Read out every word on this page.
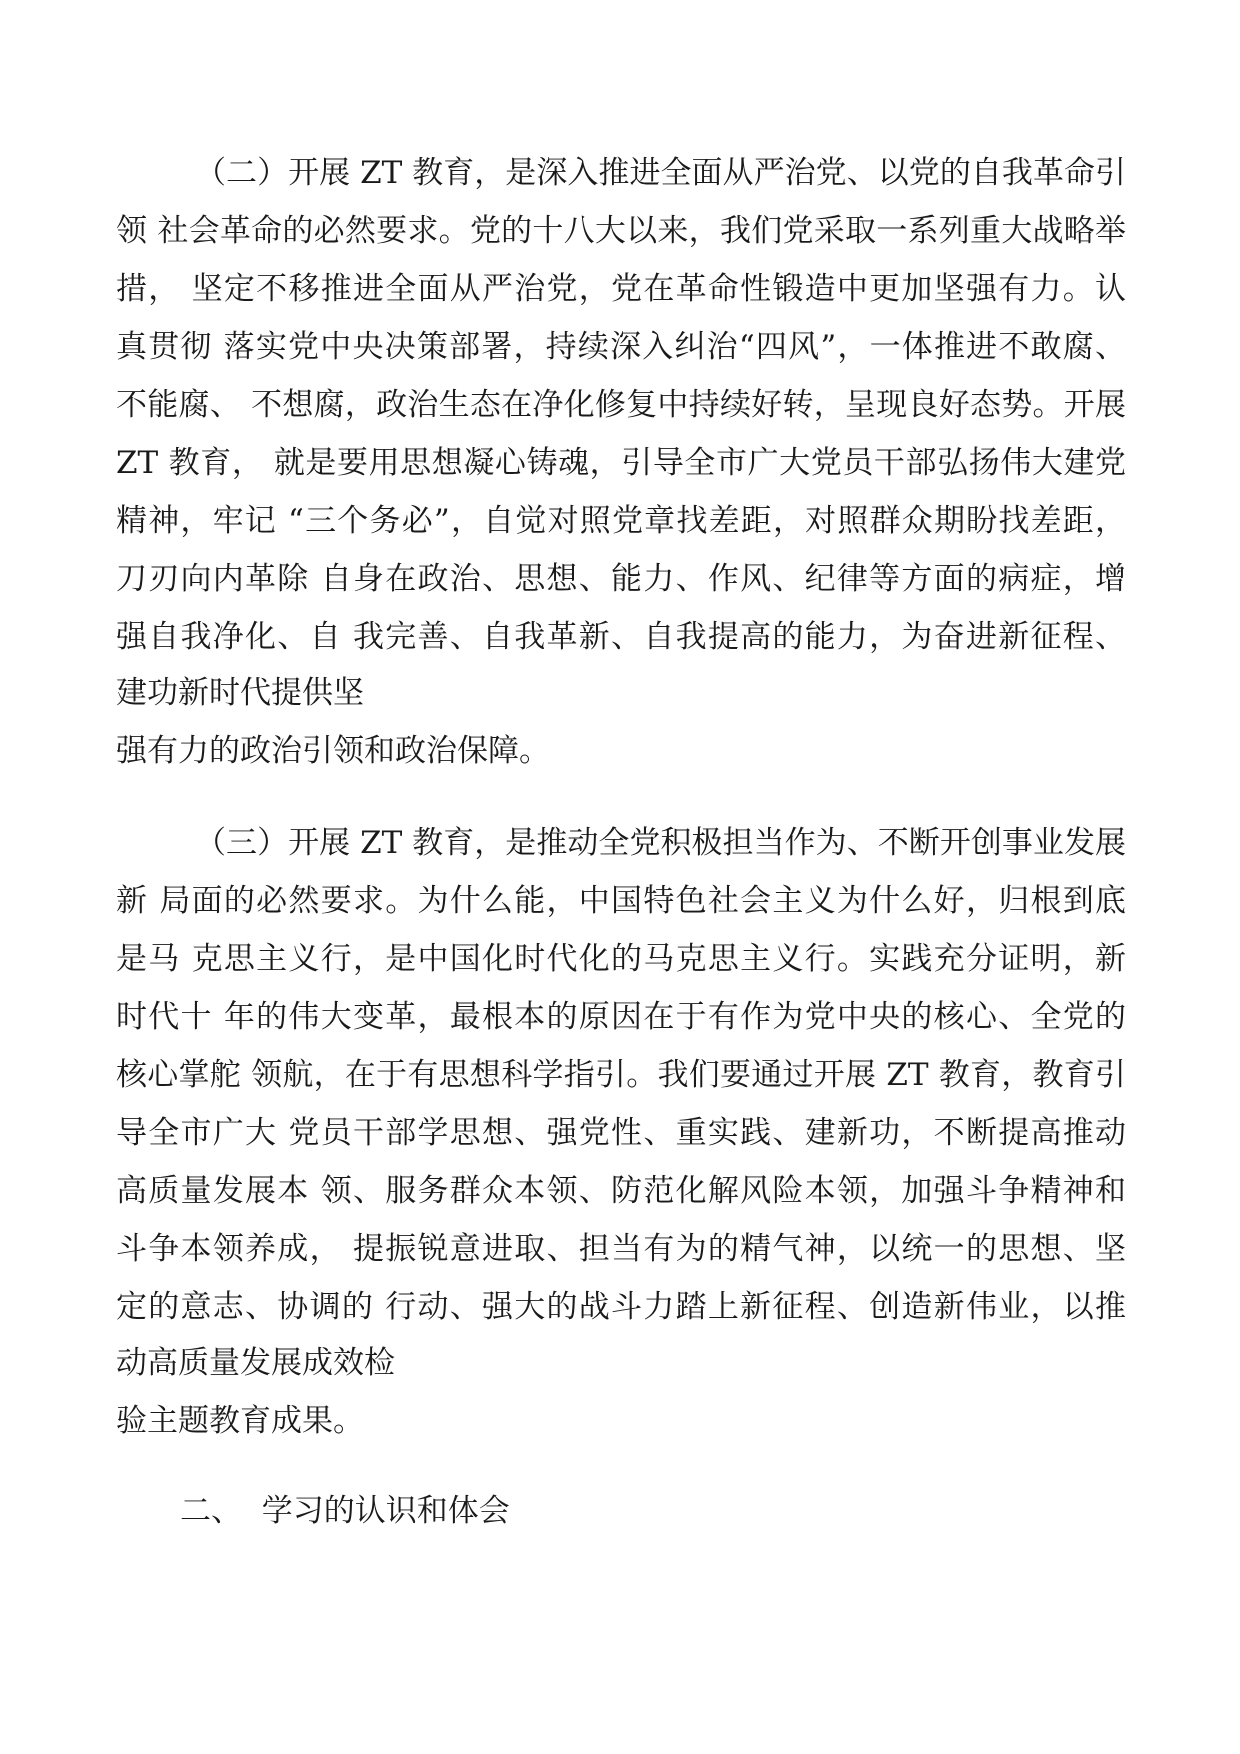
（二）开展 ZT 教育，是深入推进全面从严治党、以党的自我革命引
领 社会革命的必然要求。党的十八大以来，我们党采取一系列重大战略举
措， 坚定不移推进全面从严治党，党在革命性锻造中更加坚强有力。认
真贯彻 落实党中央决策部署，持续深入纠治“四风”，一体推进不敢腐、
不能腐、 不想腐，政治生态在净化修复中持续好转，呈现良好态势。开展
ZT 教育， 就是要用思想凝心铸魂，引导全市广大党员干部弘扬伟大建党
精神，牢记 “三个务必”，自觉对照党章找差距，对照群众期盼找差距，
刀刃向内革除 自身在政治、思想、能力、作风、纪律等方面的病症，增
强自我净化、自 我完善、自我革新、自我提高的能力，为奋进新征程、
建功新时代提供坚
强有力的政治引领和政治保障。
（三）开展 ZT 教育，是推动全党积极担当作为、不断开创事业发展
新 局面的必然要求。为什么能，中国特色社会主义为什么好，归根到底
是马 克思主义行，是中国化时代化的马克思主义行。实践充分证明，新
时代十 年的伟大变革，最根本的原因在于有作为党中央的核心、全党的
核心掌舵 领航，在于有思想科学指引。我们要通过开展 ZT 教育，教育引
导全市广大 党员干部学思想、强党性、重实践、建新功，不断提高推动
高质量发展本 领、服务群众本领、防范化解风险本领，加强斗争精神和
斗争本领养成， 提振锐意进取、担当有为的精气神，以统一的思想、坚
定的意志、协调的 行动、强大的战斗力踏上新征程、创造新伟业，以推
动高质量发展成效检
验主题教育成果。
二、  学习的认识和体会
